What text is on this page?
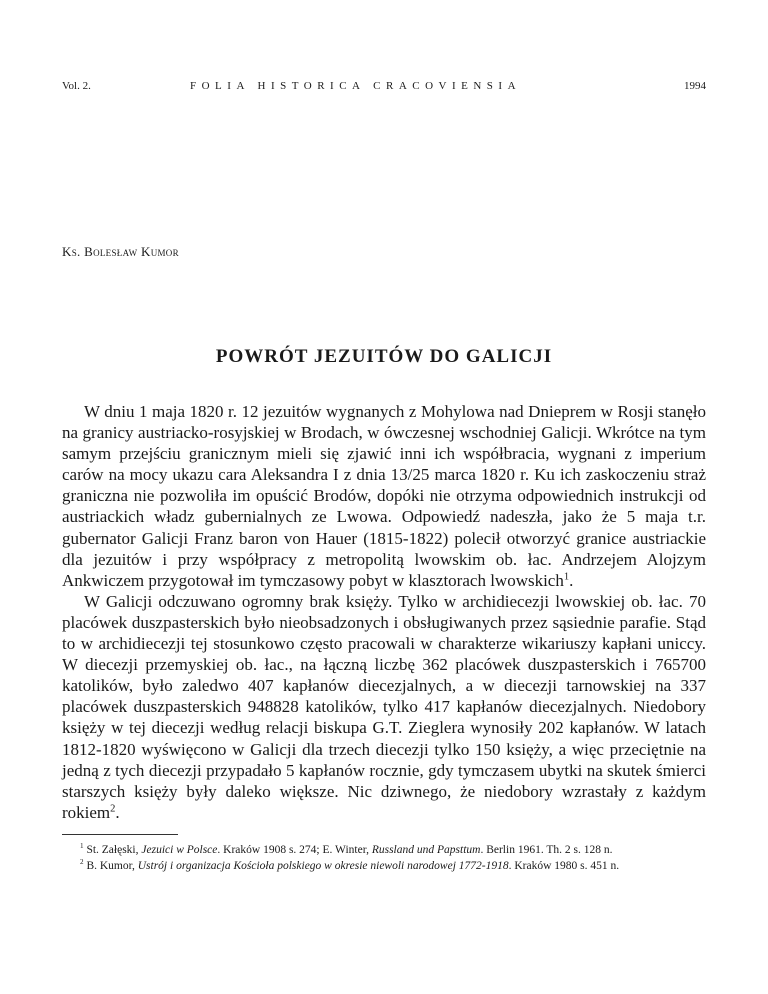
Vol. 2.	FOLIA HISTORICA CRACOVIENSIA	1994
Ks. Bolesław Kumor
POWRÓT JEZUITÓW DO GALICJI

W dniu 1 maja 1820 r. 12 jezuitów wygnanych z Mohylowa nad Dnieprem w Rosji stanęło na granicy austriacko-rosyjskiej w Brodach, w ówczesnej wschodniej Galicji. Wkrótce na tym samym przejściu granicznym mieli się zjawić inni ich współbracia, wygnani z imperium carów na mocy ukazu cara Aleksandra I z dnia 13/25 marca 1820 r. Ku ich zaskoczeniu straż graniczna nie pozwoliła im opuścić Brodów, dopóki nie otrzyma odpowiednich instrukcji od austriackich władz gubernialnych ze Lwowa. Odpowiedź nadeszła, jako że 5 maja t.r. gubernator Galicji Franz baron von Hauer (1815-1822) polecił otworzyć granice austriackie dla jezuitów i przy współpracy z metropolitą lwowskim ob. łac. Andrzejem Alojzym Ankwiczem przygotował im tymczasowy pobyt w klasztorach lwowskich$^1$.

W Galicji odczuwano ogromny brak księży. Tylko w archidiecezji lwowskiej ob. łac. 70 placówek duszpasterskich było nieobsadzonych i obsługiwanych przez sąsiednie parafie. Stąd to w archidiecezji tej stosunkowo często pracowali w charakterze wikariuszy kapłani uniccy. W diecezji przemyskiej ob. łac., na łączną liczbę 362 placówek duszpasterskich i 765700 katolików, było zaledwo 407 kapłanów diecezjalnych, a w diecezji tarnowskiej na 337 placówek duszpasterskich 948828 katolików, tylko 417 kapłanów diecezjalnych. Niedobory księży w tej diecezji według relacji biskupa G.T. Zieglera wynosiły 202 kapłanów. W latach 1812-1820 wyświęcono w Galicji dla trzech diecezji tylko 150 księży, a więc przeciętnie na jedną z tych diecezji przypadało 5 kapłanów rocznie, gdy tymczasem ubytki na skutek śmierci starszych księży były daleko większe. Nic dziwnego, że niedobory wzrastały z każdym rokiem$^2$.

$^1$ St. Załęski, Jezuici w Polsce. Kraków 1908 s. 274; E. Winter, Russland und Papsttum. Berlin 1961. Th. 2 s. 128 n.

$^2$ B. Kumor, Ustrój i organizacja Kościoła polskiego w okresie niewoli narodowej 1772-1918. Kraków 1980 s. 451 n.
